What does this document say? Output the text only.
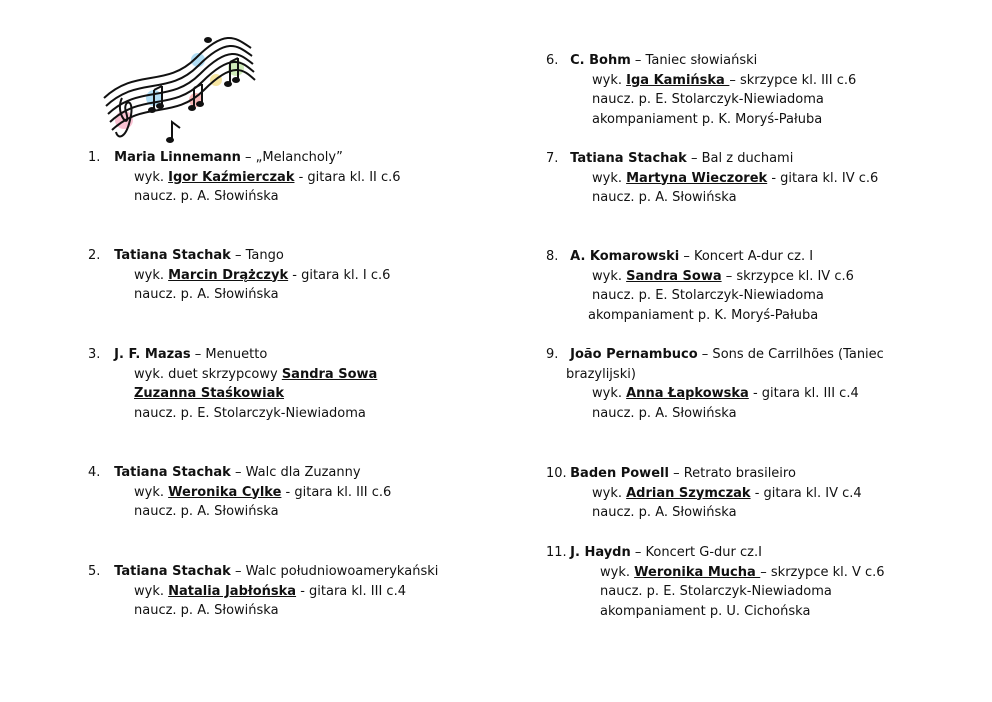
1. Maria Linnemann – „Melancholy”
wyk. Igor Kaźmierczak - gitara kl. II c.6
naucz. p. A. Słowińska
2. Tatiana Stachak – Tango
wyk. Marcin Drążczyk - gitara kl. I c.6
naucz. p. A. Słowińska
3. J. F. Mazas – Menuetto
wyk. duet skrzypcowy Sandra Sowa
Zuzanna Staśkowiak
naucz. p. E. Stolarczyk-Niewiadoma
4. Tatiana Stachak – Walc dla Zuzanny
wyk. Weronika Cylke - gitara kl. III c.6
naucz. p. A. Słowińska
5. Tatiana Stachak – Walc południowoamerykański
wyk. Natalia Jabłońska - gitara kl. III c.4
naucz. p. A. Słowińska
6. C. Bohm – Taniec słowiański
wyk. Iga Kamińska – skrzypce kl. III c.6
naucz. p. E. Stolarczyk-Niewiadoma
akompaniament p. K. Moryś-Pałuba
7. Tatiana Stachak – Bal z duchami
wyk. Martyna Wieczorek - gitara kl. IV c.6
naucz. p. A. Słowińska
8. A. Komarowski – Koncert A-dur cz. I
wyk. Sandra Sowa – skrzypce kl. IV c.6
naucz. p. E. Stolarczyk-Niewiadoma
akompaniament p. K. Moryś-Pałuba
9. João Pernambuco – Sons de Carrilhões (Taniec
brazylijski)
wyk. Anna Łapkowska - gitara kl. III c.4
naucz. p. A. Słowińska
10. Baden Powell – Retrato brasileiro
wyk. Adrian Szymczak - gitara kl. IV c.4
naucz. p. A. Słowińska
11. J. Haydn – Koncert G-dur cz.I
wyk. Weronika Mucha – skrzypce kl. V c.6
naucz. p. E. Stolarczyk-Niewiadoma
akompaniament p. U. Cichońska
